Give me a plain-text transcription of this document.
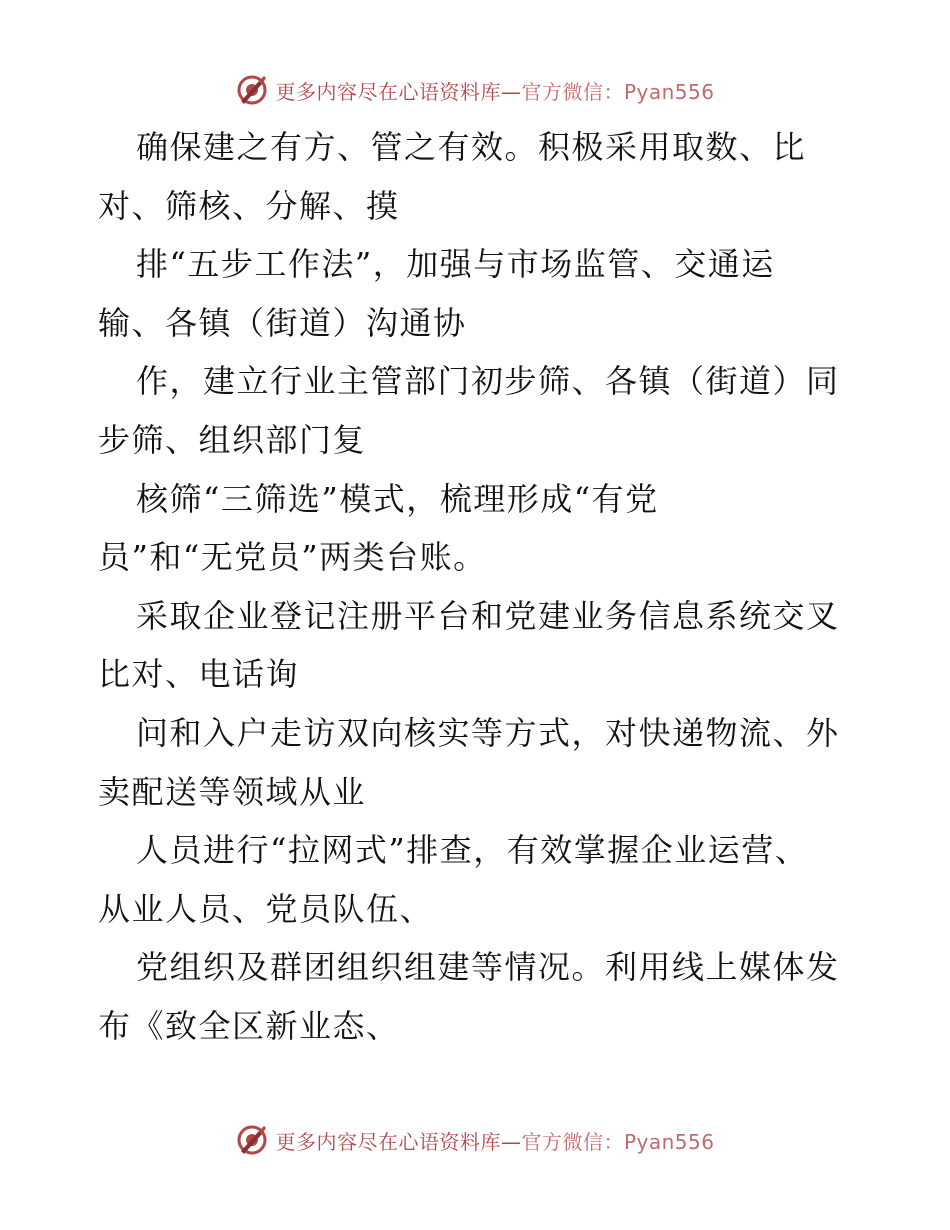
更多内容尽在心语资料库—官方微信：Pyan556
确保建之有方、管之有效。积极采用取数、比
对、筛核、分解、摸
排“五步工作法”，加强与市场监管、交通运
输、各镇（街道）沟通协
作，建立行业主管部门初步筛、各镇（街道）同
步筛、组织部门复
核筛“三筛选”模式，梳理形成“有党
员”和“无党员”两类台账。
采取企业登记注册平台和党建业务信息系统交叉
比对、电话询
问和入户走访双向核实等方式，对快递物流、外
卖配送等领域从业
人员进行“拉网式”排查，有效掌握企业运营、
从业人员、党员队伍、
党组织及群团组织组建等情况。利用线上媒体发
布《致全区新业态、
更多内容尽在心语资料库—官方微信：Pyan556
